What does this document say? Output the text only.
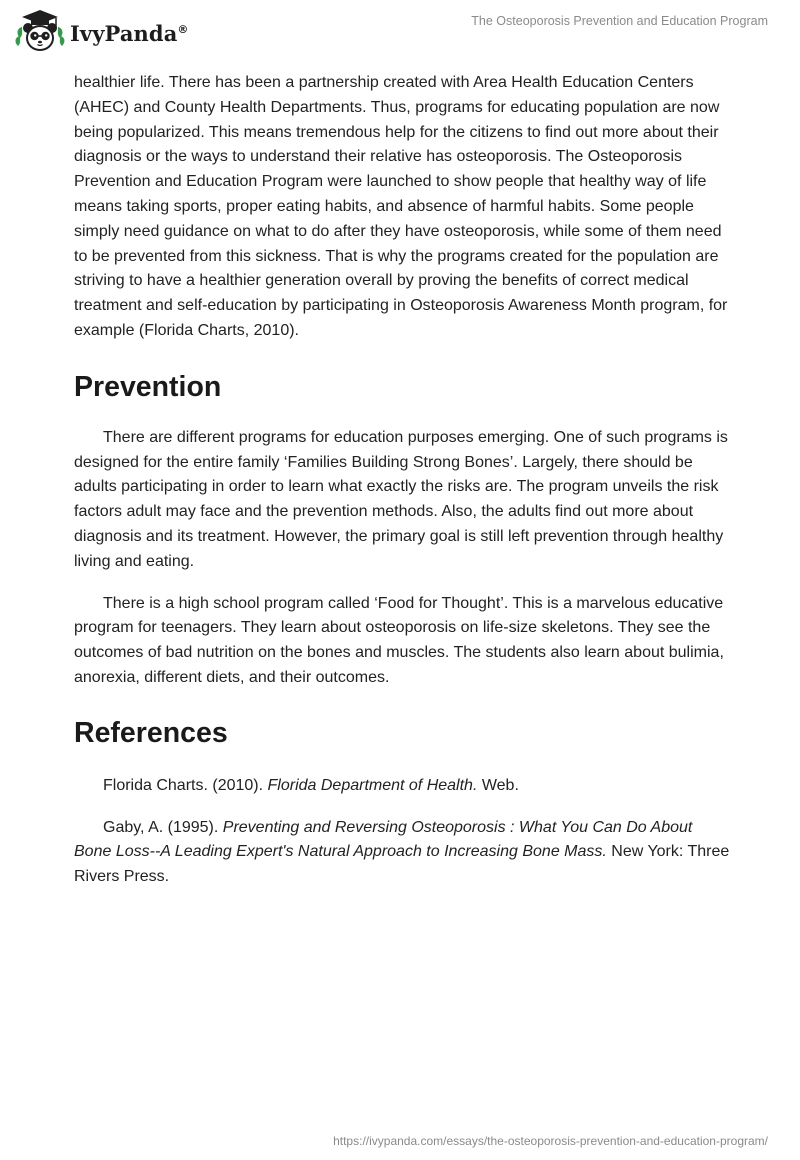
IvyPanda®
The Osteoporosis Prevention and Education Program

healthier life. There has been a partnership created with Area Health Education Centers (AHEC) and County Health Departments. Thus, programs for educating population are now being popularized. This means tremendous help for the citizens to find out more about their diagnosis or the ways to understand their relative has osteoporosis. The Osteoporosis Prevention and Education Program were launched to show people that healthy way of life means taking sports, proper eating habits, and absence of harmful habits. Some people simply need guidance on what to do after they have osteoporosis, while some of them need to be prevented from this sickness. That is why the programs created for the population are striving to have a healthier generation overall by proving the benefits of correct medical treatment and self-education by participating in Osteoporosis Awareness Month program, for example (Florida Charts, 2010).

Prevention

There are different programs for education purposes emerging. One of such programs is designed for the entire family ‘Families Building Strong Bones’. Largely, there should be adults participating in order to learn what exactly the risks are. The program unveils the risk factors adult may face and the prevention methods. Also, the adults find out more about diagnosis and its treatment. However, the primary goal is still left prevention through healthy living and eating.

There is a high school program called ‘Food for Thought’. This is a marvelous educative program for teenagers. They learn about osteoporosis on life-size skeletons. They see the outcomes of bad nutrition on the bones and muscles. The students also learn about bulimia, anorexia, different diets, and their outcomes.

References

Florida Charts. (2010). Florida Department of Health. Web.

Gaby, A. (1995). Preventing and Reversing Osteoporosis : What You Can Do About Bone Loss--A Leading Expert's Natural Approach to Increasing Bone Mass. New York: Three Rivers Press.

https://ivypanda.com/essays/the-osteoporosis-prevention-and-education-program/
